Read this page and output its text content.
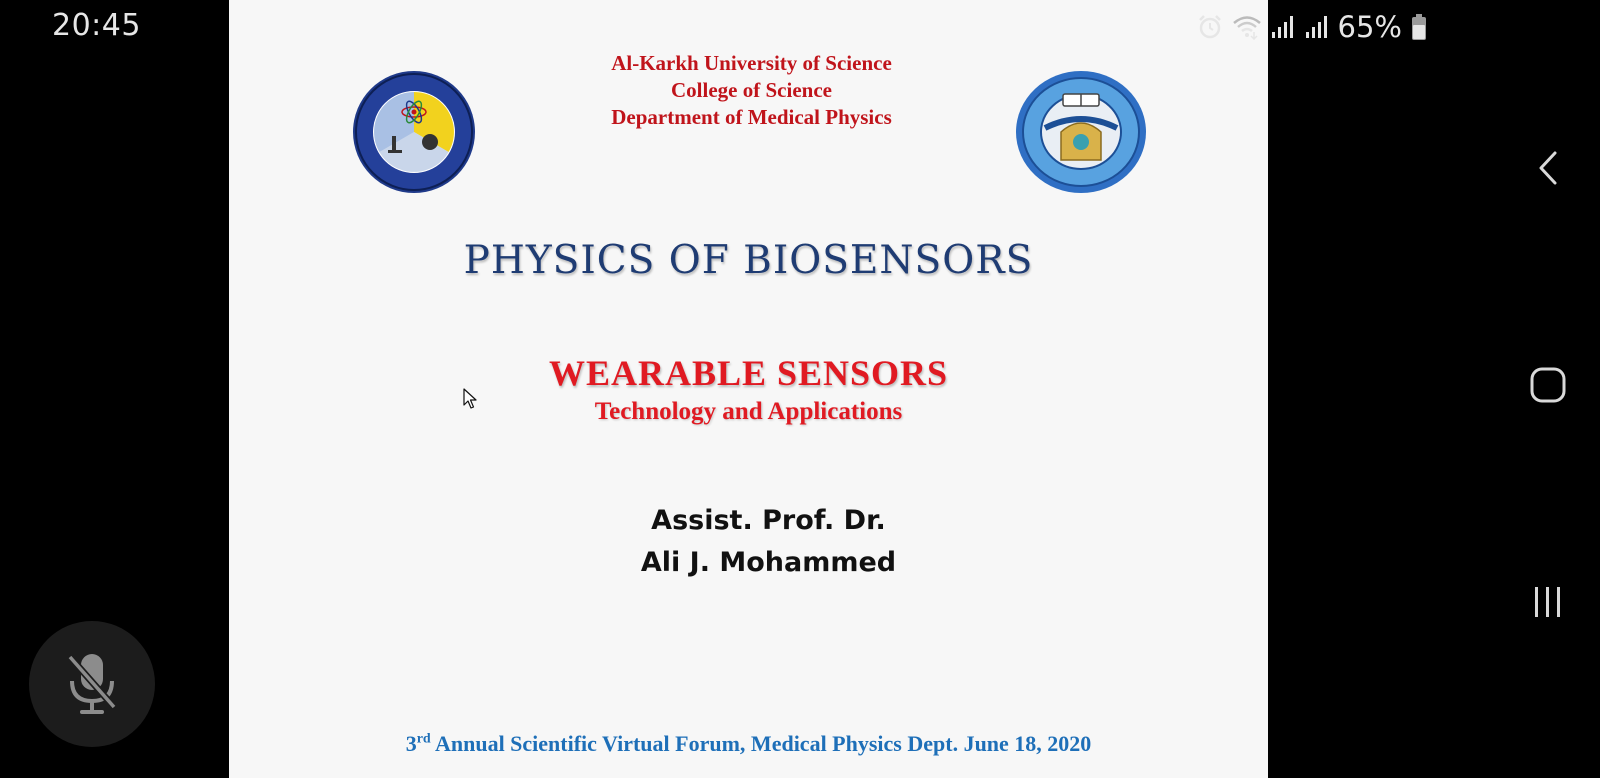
20:45
Al-Karkh University of Science
College of Science
Department of Medical Physics
PHYSICS OF BIOSENSORS
WEARABLE SENSORS
Technology and Applications
Assist. Prof. Dr.
Ali J. Mohammed
3rd Annual Scientific Virtual Forum, Medical Physics Dept. June 18, 2020
65%
